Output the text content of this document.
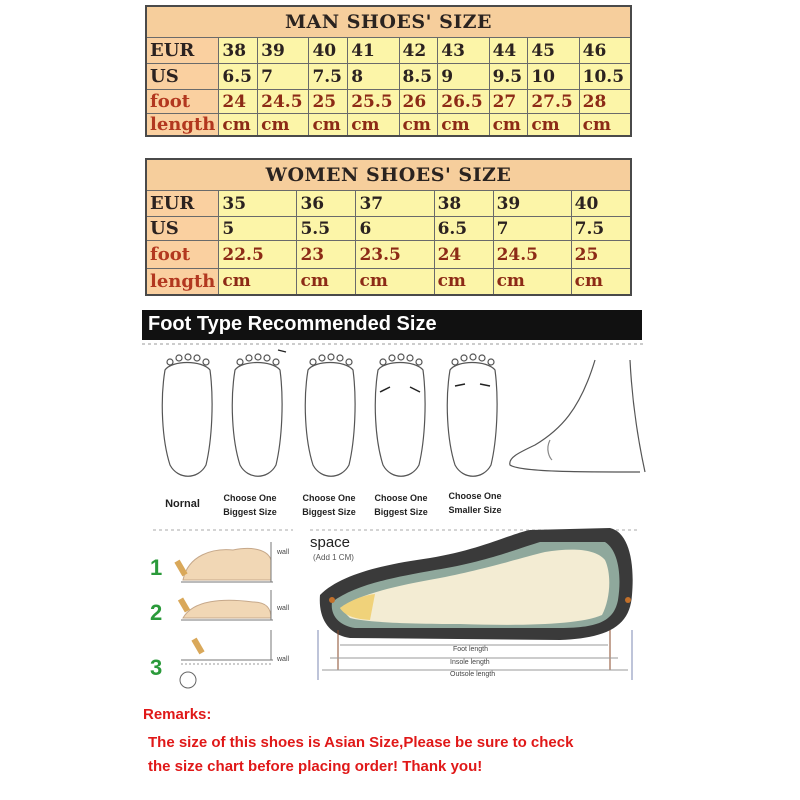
MAN SHOES' SIZE									
EUR	38	39	40	41	42	43	44	45	46
US	6.5	7	7.5	8	8.5	9	9.5	10	10.5
foot	24	24.5	25	25.5	26	26.5	27	27.5	28
length	cm	cm	cm	cm	cm	cm	cm	cm	cm
WOMEN SHOES' SIZE						
EUR	35	36	37	38	39	40
US	5	5.5	6	6.5	7	7.5
foot	22.5	23	23.5	24	24.5	25
length	cm	cm	cm	cm	cm	cm
Foot Type Recommended Size
Nornal	Choose One
Biggest Size
Choose One
Biggest Size
Choose One
Biggest Size
Choose One
Smaller Size
1
2
3
wall
wall
wall
space
(Add 1 CM)
Foot length
Insole length
Outsole length
Remarks:
The size of this shoes is Asian Size,Please be sure to check
the size chart before placing order! Thank you!
